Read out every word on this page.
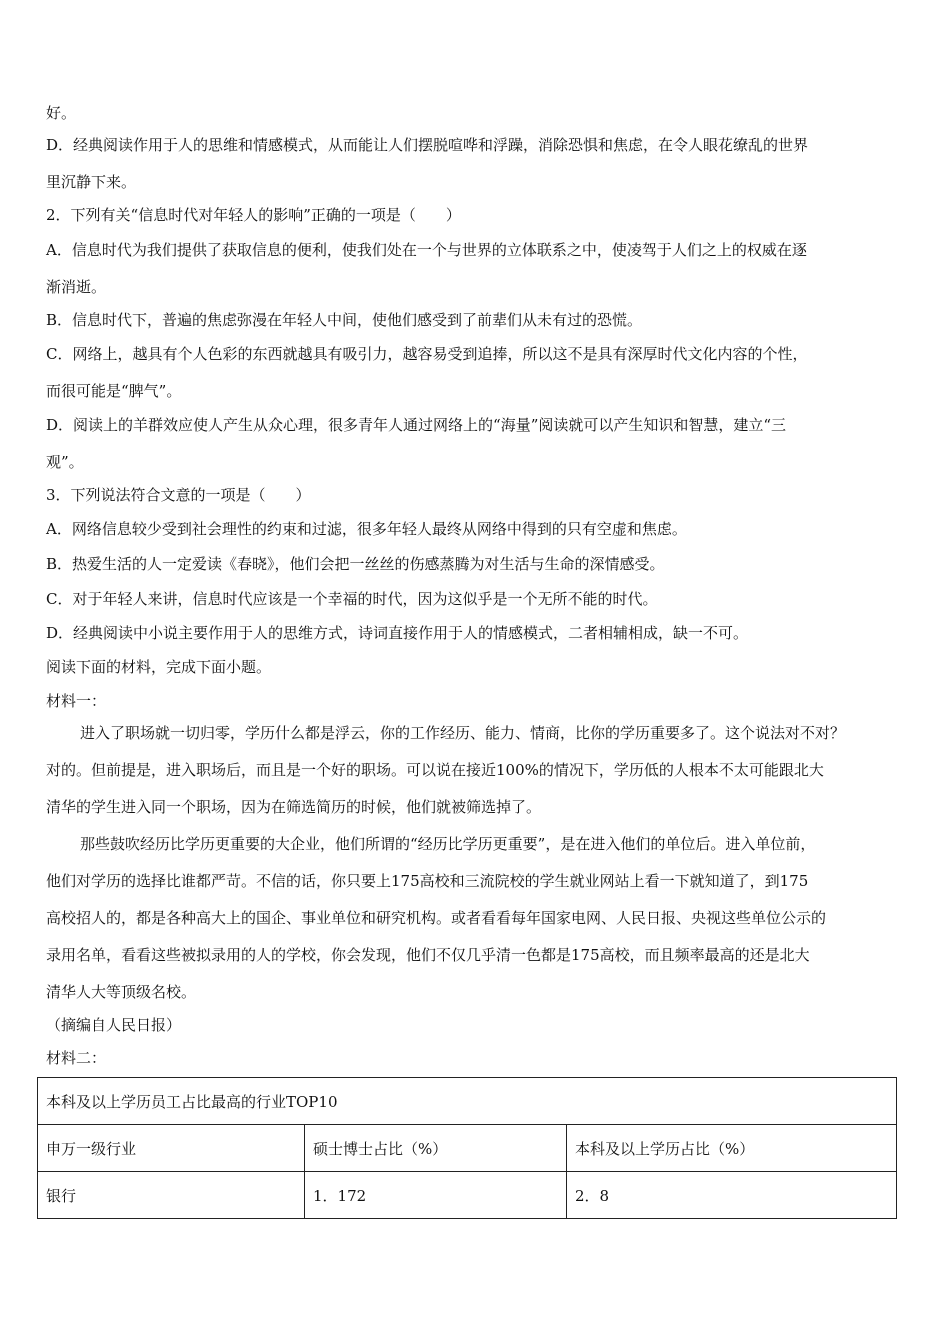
好。
D．经典阅读作用于人的思维和情感模式，从而能让人们摆脱喧哗和浮躁，消除恐惧和焦虑，在令人眼花缭乱的世界
里沉静下来。
2．下列有关“信息时代对年轻人的影响”正确的一项是（　　）
A．信息时代为我们提供了获取信息的便利，使我们处在一个与世界的立体联系之中，使凌驾于人们之上的权威在逐
渐消逝。
B．信息时代下，普遍的焦虑弥漫在年轻人中间，使他们感受到了前辈们从未有过的恐慌。
C．网络上，越具有个人色彩的东西就越具有吸引力，越容易受到追捧，所以这不是具有深厚时代文化内容的个性，
而很可能是“脾气”。
D．阅读上的羊群效应使人产生从众心理，很多青年人通过网络上的“海量”阅读就可以产生知识和智慧，建立“三
观”。
3．下列说法符合文意的一项是（　　）
A．网络信息较少受到社会理性的约束和过滤，很多年轻人最终从网络中得到的只有空虚和焦虑。
B．热爱生活的人一定爱读《春晓》，他们会把一丝丝的伤感蒸腾为对生活与生命的深情感受。
C．对于年轻人来讲，信息时代应该是一个幸福的时代，因为这似乎是一个无所不能的时代。
D．经典阅读中小说主要作用于人的思维方式，诗词直接作用于人的情感模式，二者相辅相成，缺一不可。
阅读下面的材料，完成下面小题。
材料一：
进入了职场就一切归零，学历什么都是浮云，你的工作经历、能力、情商，比你的学历重要多了。这个说法对不对？
对的。但前提是，进入职场后，而且是一个好的职场。可以说在接近100%的情况下，学历低的人根本不太可能跟北大
清华的学生进入同一个职场，因为在筛选简历的时候，他们就被筛选掉了。
那些鼓吹经历比学历更重要的大企业，他们所谓的“经历比学历更重要”，是在进入他们的单位后。进入单位前，
他们对学历的选择比谁都严苛。不信的话，你只要上175高校和三流院校的学生就业网站上看一下就知道了，到175
高校招人的，都是各种高大上的国企、事业单位和研究机构。或者看看每年国家电网、人民日报、央视这些单位公示的
录用名单，看看这些被拟录用的人的学校，你会发现，他们不仅几乎清一色都是175高校，而且频率最高的还是北大
清华人大等顶级名校。
（摘编自人民日报）
材料二：
本科及以上学历员工占比最高的行业TOP10		
申万一级行业	硕士博士占比（%）	本科及以上学历占比（%）
银行	1．172	2．8
